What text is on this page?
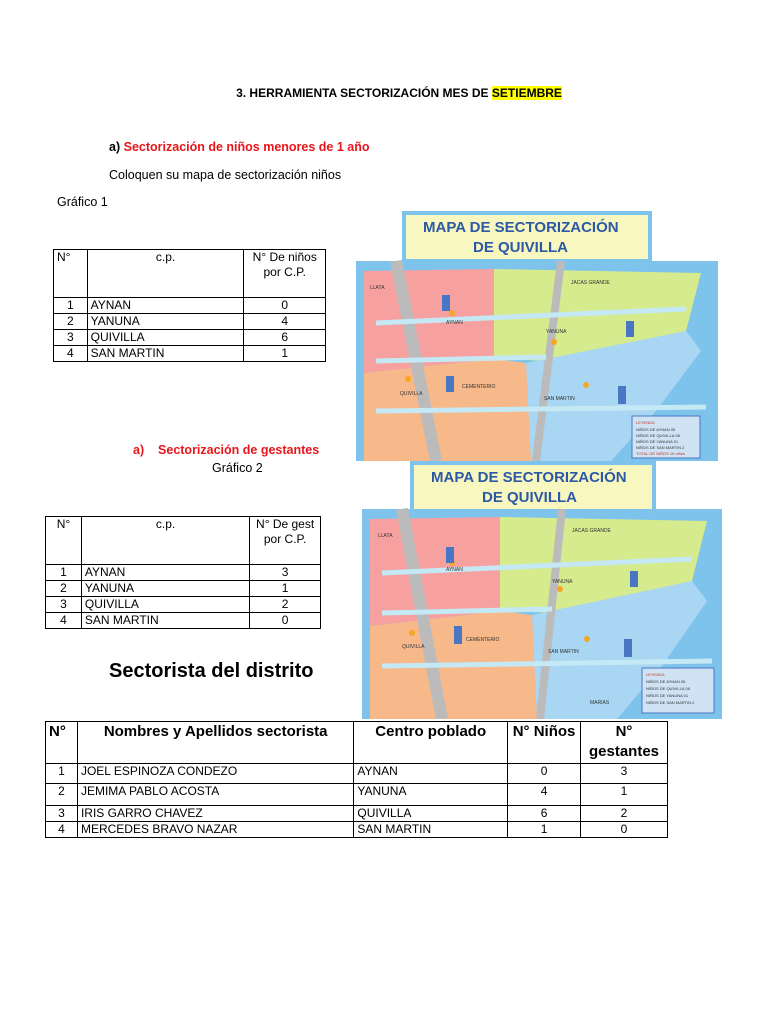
3. HERRAMIENTA SECTORIZACIÓN MES DE SETIEMBRE
a) Sectorización de niños menores de 1 año
Coloquen su mapa de sectorización niños
Gráfico 1
N°	c.p.	N° De niños por C.P.
1	AYNAN	0
2	YANUNA	4
3	QUIVILLA	6
4	SAN MARTIN	1
a) Sectorización de gestantes
Gráfico 2
N°	c.p.	N° De gest por C.P.
1	AYNAN	3
2	YANUNA	1
3	QUIVILLA	2
4	SAN MARTIN	0
MAPA DE SECTORIZACIÓN
DE QUIVILLA
LLATA
JACAS GRANDE
AYNAN
YANUNA
QUIVILLA
SAN MARTIN
CEMENTERIO
LEYENDA
NIÑOS DE AYNAN 05
NIÑOS DE QUIVILLA 08
NIÑOS DE YANUNA 01
NIÑOS DE SAN MARTIN 2
TOTAL DE NIÑOS 16 niños
MAPA DE SECTORIZACIÓN
DE QUIVILLA
LLATA
JACAS GRANDE
AYNAN
YANUNA
QUIVILLA
SAN MARTIN
CEMENTERIO
MARIAS
LEYENDA
NIÑOS DE AYNAN 05
NIÑOS DE QUIVILLA 08
NIÑOS DE YANUNA 01
NIÑOS DE SAN MARTIN 2
Sectorista del distrito
N°	Nombres y Apellidos sectorista	Centro poblado	N° Niños	N° gestantes
1	JOEL ESPINOZA CONDEZO	AYNAN	0	3
2	JEMIMA PABLO ACOSTA	YANUNA	4	1
3	IRIS GARRO CHAVEZ	QUIVILLA	6	2
4	MERCEDES BRAVO NAZAR	SAN MARTIN	1	0
